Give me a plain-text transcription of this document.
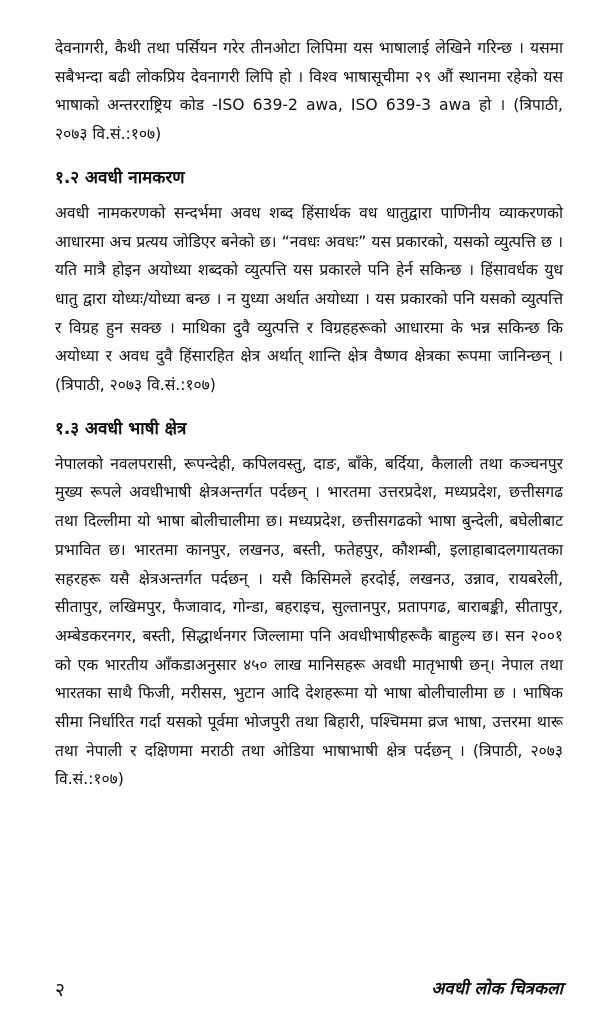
देवनागरी, कैथी तथा पर्सियन गरेर तीनओटा लिपिमा यस भाषालाई लेखिने गरिन्छ । यसमा सबैभन्दा बढी लोकप्रिय देवनागरी लिपि हो । विश्व भाषासूचीमा २९ औं स्थानमा रहेको यस भाषाको अन्तरराष्ट्रिय कोड -ISO 639-2 awa, ISO 639-3 awa हो । (त्रिपाठी, २०७३ वि.सं.:१०७)

१.२ अवधी नामकरण

अवधी नामकरणको सन्दर्भमा अवध शब्द हिंसार्थक वध धातुद्वारा पाणिनीय व्याकरणको आधारमा अच प्रत्यय जोडिएर बनेको छ। “नवधः अवधः” यस प्रकारको, यसको व्युत्पत्ति छ । यति मात्रै होइन अयोध्या शब्दको व्युत्पत्ति यस प्रकारले पनि हेर्न सकिन्छ । हिंसावर्धक युध धातु द्वारा योध्यः/योध्या बन्छ । न युध्या अर्थात अयोध्या । यस प्रकारको पनि यसको व्युत्पत्ति र विग्रह हुन सक्छ । माथिका दुवै व्युत्पत्ति र विग्रहहरूको आधारमा के भन्न सकिन्छ कि अयोध्या र अवध दुवै हिंसारहित क्षेत्र अर्थात् शान्ति क्षेत्र वैष्णव क्षेत्रका रूपमा जानिन्छन् । (त्रिपाठी, २०७३ वि.सं.:१०७)

१.३ अवधी भाषी क्षेत्र

नेपालको नवलपरासी, रूपन्देही, कपिलवस्तु, दाङ, बाँके, बर्दिया, कैलाली तथा कञ्चनपुर मुख्य रूपले अवधीभाषी क्षेत्रअन्तर्गत पर्दछन् । भारतमा उत्तरप्रदेश, मध्यप्रदेश, छत्तीसगढ तथा दिल्लीमा यो भाषा बोलीचालीमा छ। मध्यप्रदेश, छत्तीसगढको भाषा बुन्देली, बघेलीबाट प्रभावित छ। भारतमा कानपुर, लखनउ, बस्ती, फतेहपुर, कौशम्बी, इलाहाबादलगायतका सहरहरू यसै क्षेत्रअन्तर्गत पर्दछन् । यसै किसिमले हरदोई, लखनउ, उन्नाव, रायबरेली, सीतापुर, लखिमपुर, फैजावाद, गोन्डा, बहराइच, सुल्तानपुर, प्रतापगढ, बाराबङ्की, सीतापुर, अम्बेडकरनगर, बस्ती, सिद्धार्थनगर जिल्लामा पनि अवधीभाषीहरूकै बाहुल्य छ। सन २००१ को एक भारतीय आँकडाअनुसार ४५० लाख मानिसहरू अवधी मातृभाषी छन्। नेपाल तथा भारतका साथै फिजी, मरीसस, भुटान आदि देशहरूमा यो भाषा बोलीचालीमा छ । भाषिक सीमा निर्धारित गर्दा यसको पूर्वमा भोजपुरी तथा बिहारी, पश्चिममा व्रज भाषा, उत्तरमा थारू तथा नेपाली र दक्षिणमा मराठी तथा ओडिया भाषाभाषी क्षेत्र पर्दछन् । (त्रिपाठी, २०७३ वि.सं.:१०७)

२	अवधी लोक चित्रकला
